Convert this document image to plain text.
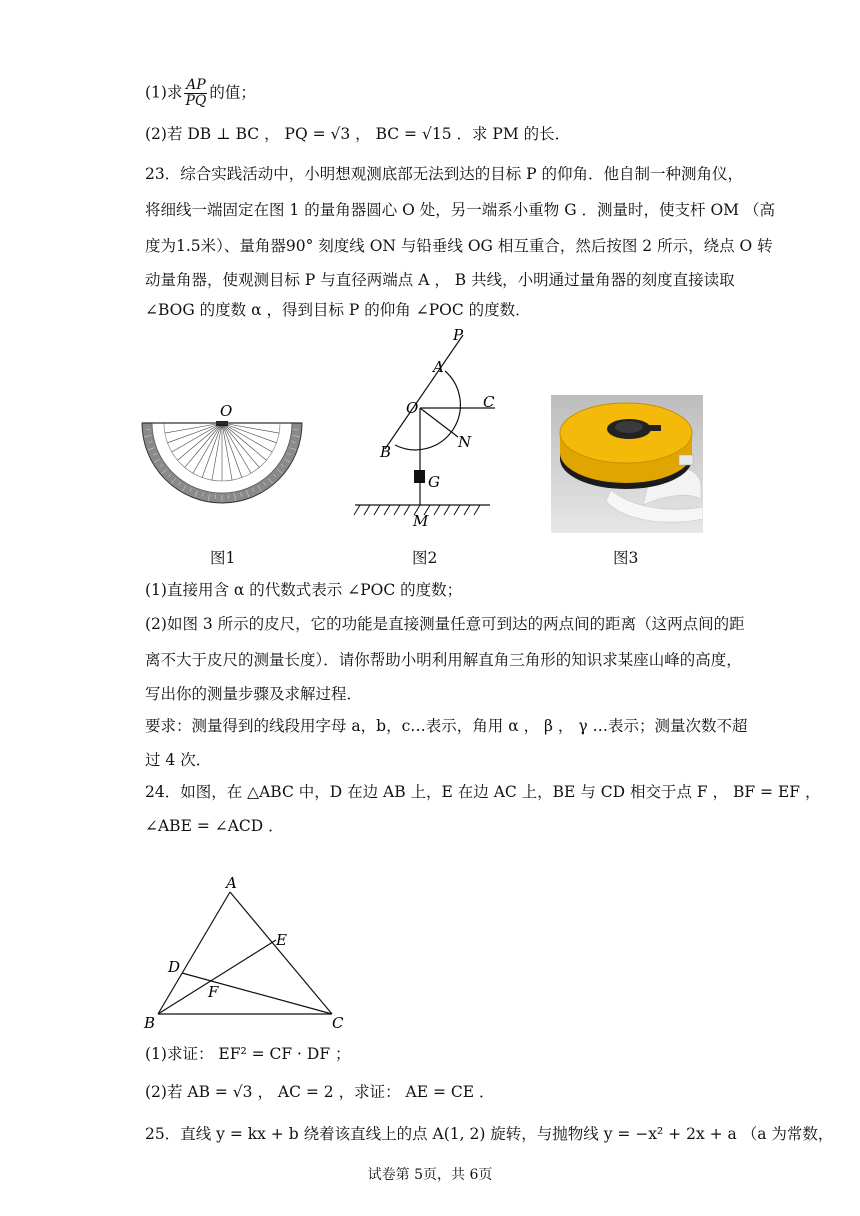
(1)求 $\frac{AP}{PQ}$ 的值；
(2)若 DB ⊥ BC ， PQ = √3 ， BC = √15 ．求 PM 的长．
23．综合实践活动中，小明想观测底部无法到达的目标 P 的仰角．他自制一种测角仪，
将细线一端固定在图 1 的量角器圆心 O 处，另一端系小重物 G ．测量时，使支杆 OM （高
度为1.5米）、量角器90° 刻度线 ON 与铅垂线 OG 相互重合，然后按图 2 所示，绕点 O 转
动量角器，使观测目标 P 与直径两端点 A ， B 共线，小明通过量角器的刻度直接读取
∠BOG 的度数 α ，得到目标 P 的仰角 ∠POC 的度数．
O
图1
P
A
O	C
N
B
G
M
图2	图3
(1)直接用含 α 的代数式表示 ∠POC 的度数；
(2)如图 3 所示的皮尺，它的功能是直接测量任意可到达的两点间的距离（这两点间的距
离不大于皮尺的测量长度）．请你帮助小明利用解直角三角形的知识求某座山峰的高度，
写出你的测量步骤及求解过程．
要求：测量得到的线段用字母 a，b，c…表示，角用 α ， β ， γ …表示；测量次数不超
过 4 次．
24．如图，在 △ABC 中，D 在边 AB 上，E 在边 AC 上，BE 与 CD 相交于点 F ， BF = EF ，
∠ABE = ∠ACD ．
A
B	C
D
E
F
(1)求证： EF² = CF · DF ；
(2)若 AB = √3 ， AC = 2 ，求证： AE = CE ．
25．直线 y = kx + b 绕着该直线上的点 A(1, 2) 旋转，与抛物线 y = −x² + 2x + a （a 为常数，
试卷第 5页，共 6页
